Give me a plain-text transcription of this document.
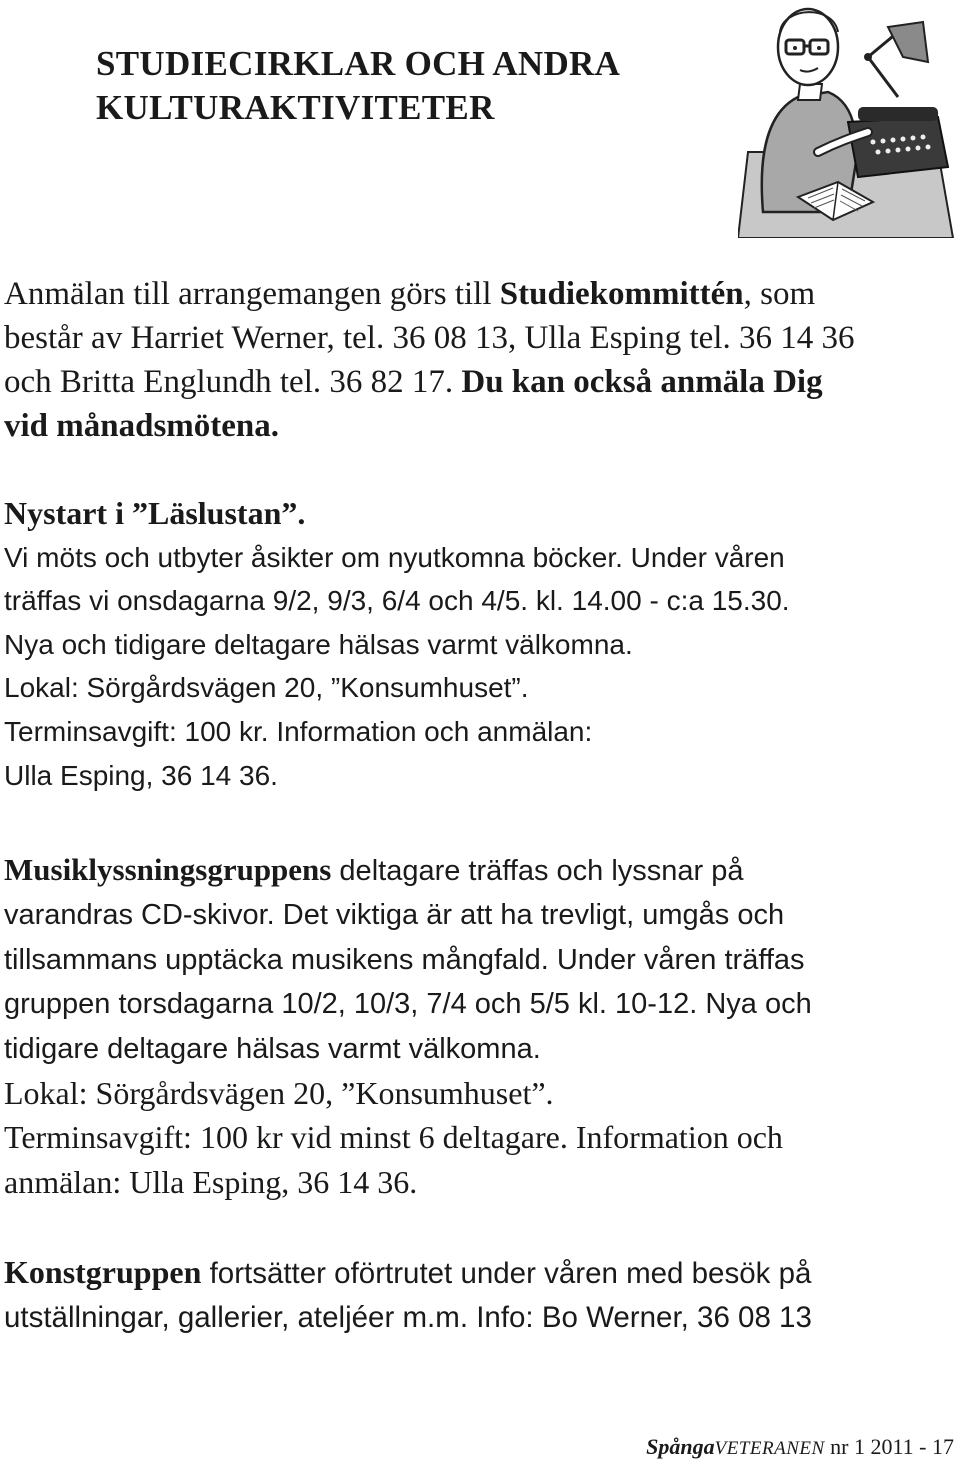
STUDIECIRKLAR OCH ANDRA
KULTURAKTIVITETER

Anmälan till arrangemangen görs till Studiekommittén, som
består av Harriet Werner, tel. 36 08 13, Ulla Esping tel. 36 14 36
och Britta Englundh tel. 36 82 17. Du kan också anmäla Dig
vid månadsmötena.

Nystart i ”Läslustan”.
Vi möts och utbyter åsikter om nyutkomna böcker. Under våren
träffas vi onsdagarna 9/2, 9/3, 6/4 och 4/5. kl. 14.00 - c:a 15.30.
Nya och tidigare deltagare hälsas varmt välkomna.
Lokal: Sörgårdsvägen 20, ”Konsumhuset”.
Terminsavgift: 100 kr. Information och anmälan:
Ulla Esping, 36 14 36.

Musiklyssningsgruppens deltagare träffas och lyssnar på
varandras CD-skivor. Det viktiga är att ha trevligt, umgås och
tillsammans upptäcka musikens mångfald. Under våren träffas
gruppen torsdagarna 10/2, 10/3, 7/4 och 5/5 kl. 10-12. Nya och
tidigare deltagare hälsas varmt välkomna.
Lokal: Sörgårdsvägen 20, ”Konsumhuset”.
Terminsavgift: 100 kr vid minst 6 deltagare. Information och
anmälan: Ulla Esping, 36 14 36.

Konstgruppen fortsätter oförtrutet under våren med besök på
utställningar, gallerier, ateljéer m.m. Info: Bo Werner, 36 08 13

SpångaVETERANEN nr 1 2011 - 17
